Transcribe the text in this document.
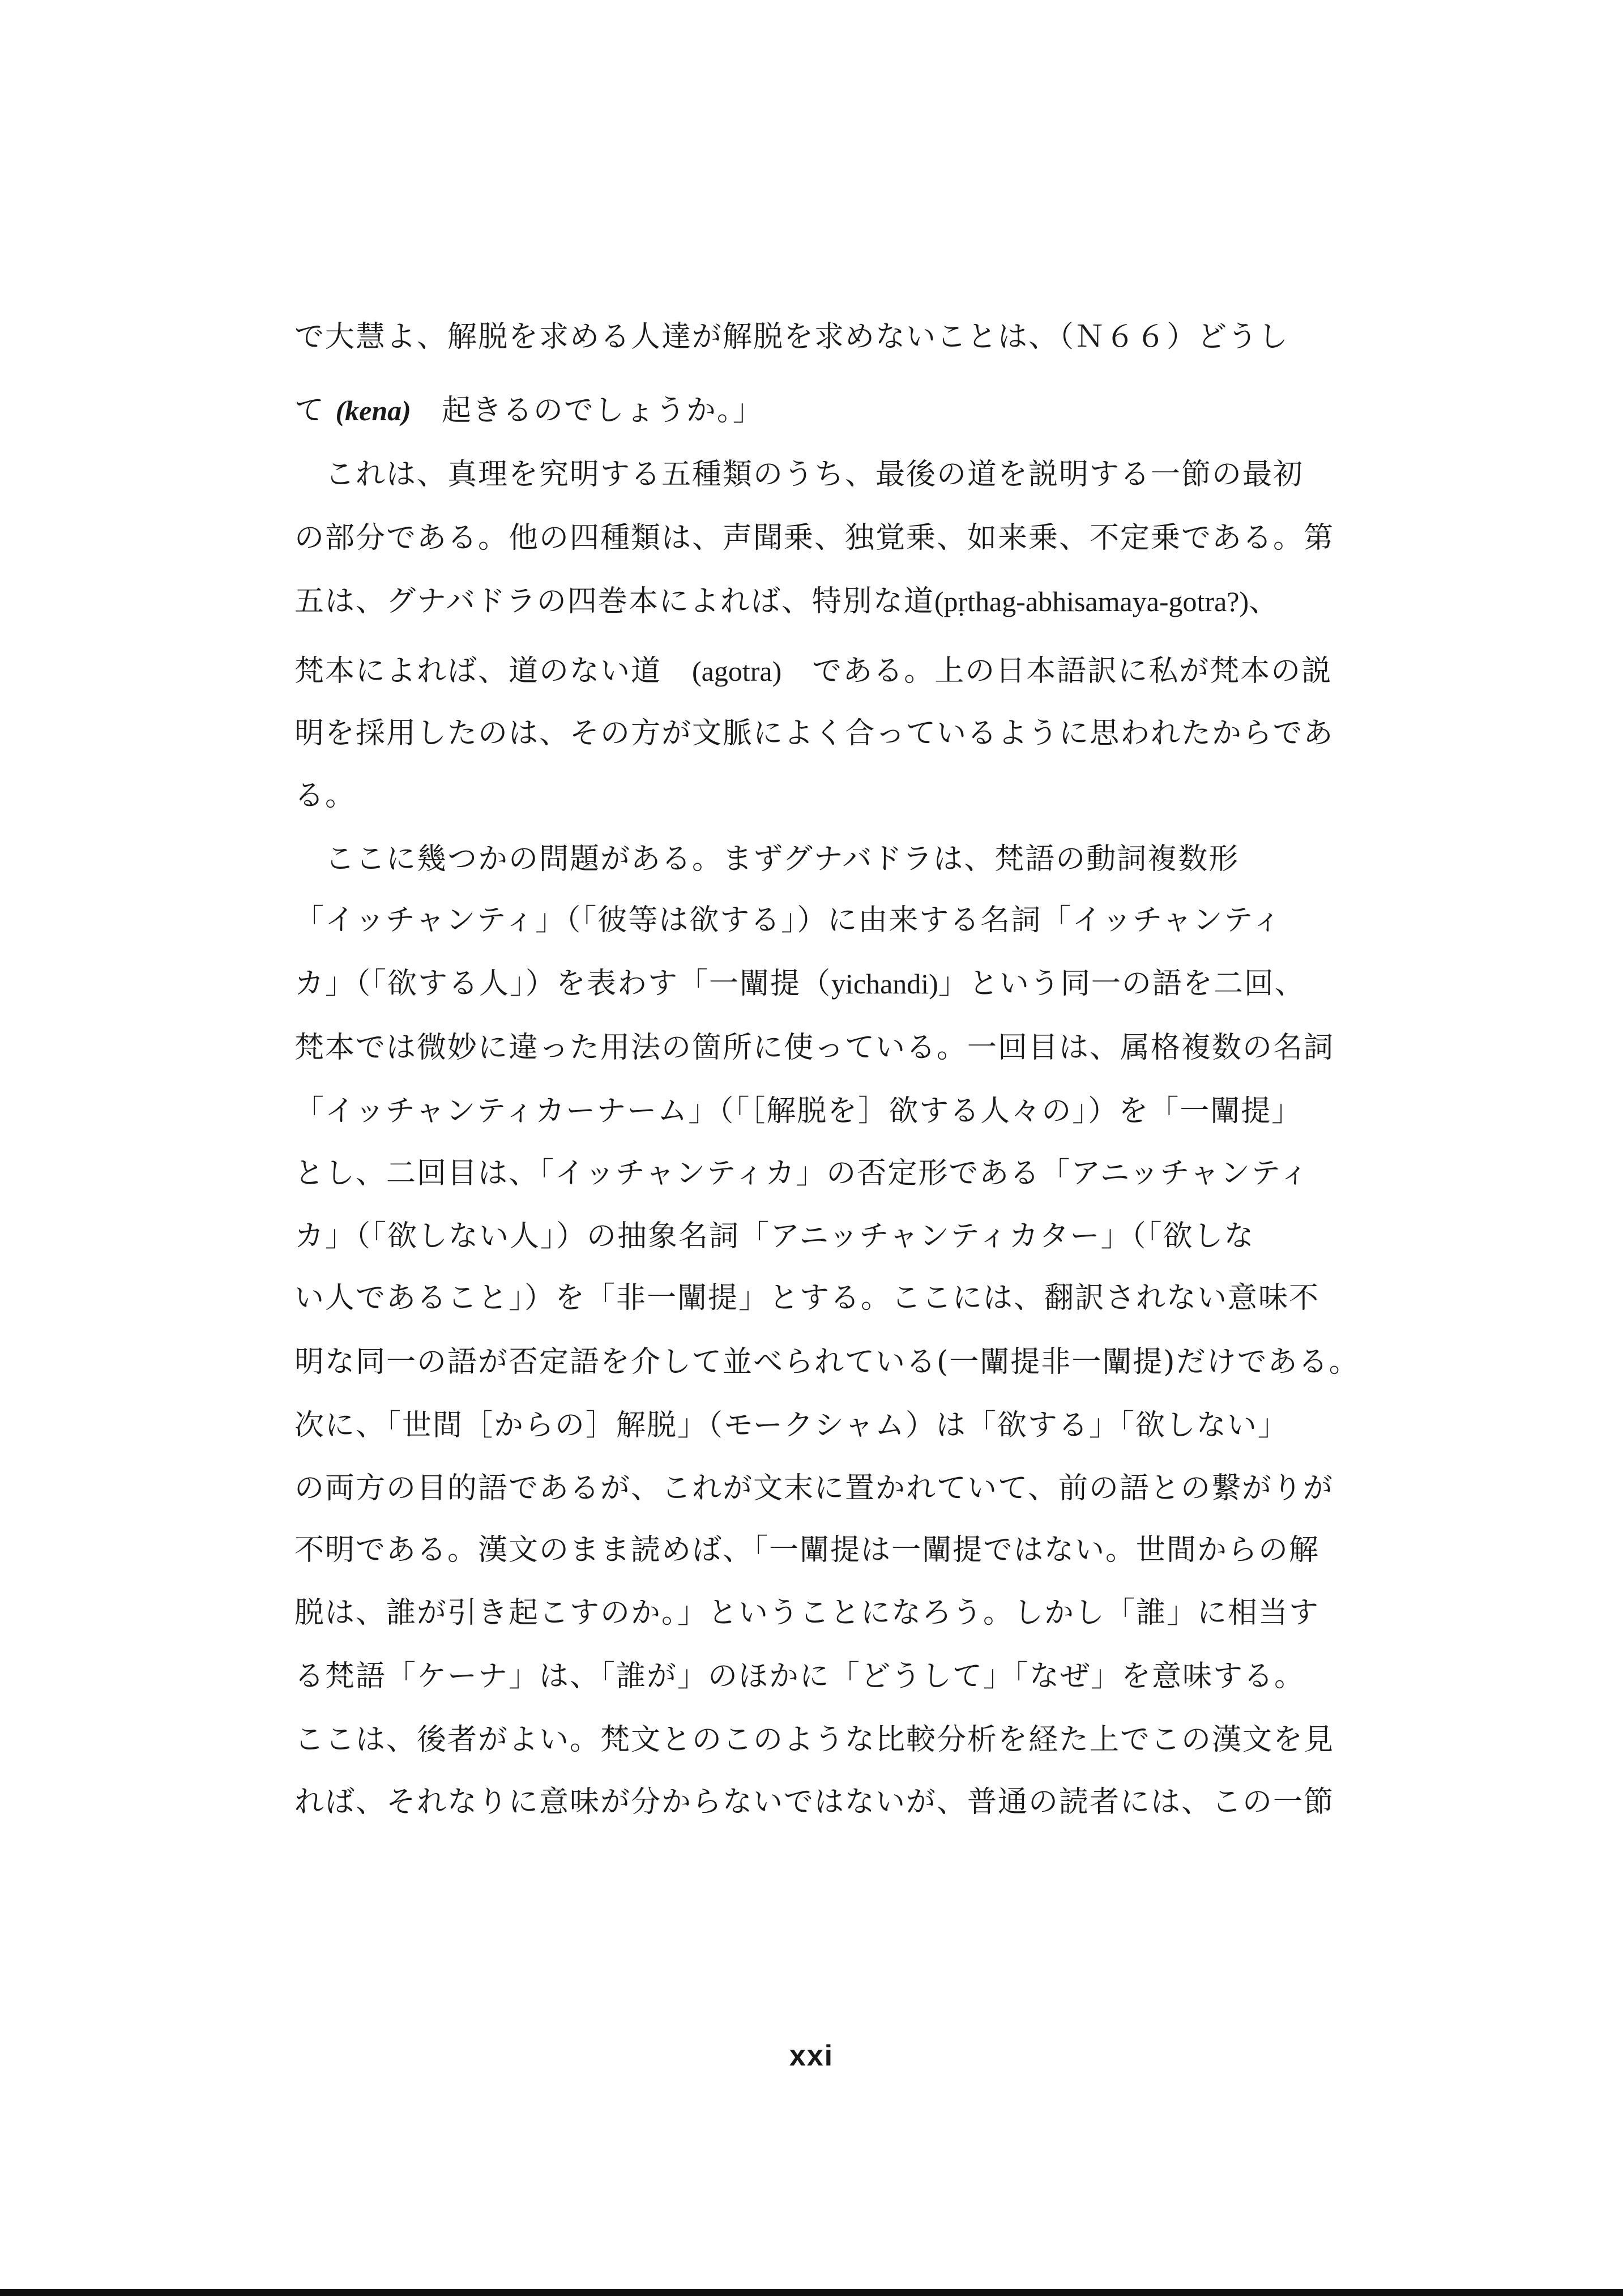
で大慧よ、解脱を求める人達が解脱を求めないことは、（Ｎ６６）どうし
て (kena)　起きるのでしょうか。」
　これは、真理を究明する五種類のうち、最後の道を説明する一節の最初
の部分である。他の四種類は、声聞乗、独覚乗、如来乗、不定乗である。第
五は、グナバドラの四巻本によれば、特別な道(pṛthag-abhisamaya-gotra?)、
梵本によれば、道のない道　(agotra)　である。上の日本語訳に私が梵本の説
明を採用したのは、その方が文脈によく合っているように思われたからであ
る。
　ここに幾つかの問題がある。まずグナバドラは、梵語の動詞複数形
「イッチャンティ」（「彼等は欲する」）に由来する名詞「イッチャンティ
カ」（「欲する人」）を表わす「一闡提（yichandi)」という同一の語を二回、
梵本では微妙に違った用法の箇所に使っている。一回目は、属格複数の名詞
「イッチャンティカーナーム」（「［解脱を］欲する人々の」）を「一闡提」
とし、二回目は、「イッチャンティカ」の否定形である「アニッチャンティ
カ」（「欲しない人」）の抽象名詞「アニッチャンティカター」（「欲しな
い人であること」）を「非一闡提」とする。ここには、翻訳されない意味不
明な同一の語が否定語を介して並べられている(一闡提非一闡提)だけである。
次に、「世間［からの］解脱」（モークシャム）は「欲する」「欲しない」
の両方の目的語であるが、これが文末に置かれていて、前の語との繋がりが
不明である。漢文のまま読めば、「一闡提は一闡提ではない。世間からの解
脱は、誰が引き起こすのか。」ということになろう。しかし「誰」に相当す
る梵語「ケーナ」は、「誰が」のほかに「どうして」「なぜ」を意味する。
ここは、後者がよい。梵文とのこのような比較分析を経た上でこの漢文を見
れば、それなりに意味が分からないではないが、普通の読者には、この一節
xxi
